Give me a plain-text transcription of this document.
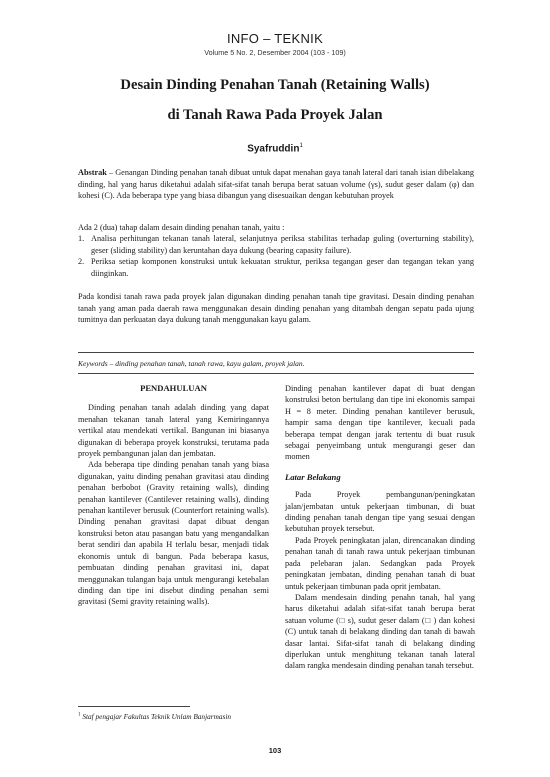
INFO – TEKNIK
Volume 5 No. 2, Desember 2004 (103 - 109)
Desain Dinding Penahan Tanah (Retaining Walls)
di Tanah Rawa Pada Proyek Jalan
Syafruddin$^1$
Abstrak – Genangan Dinding penahan tanah dibuat untuk dapat menahan gaya tanah lateral dari tanah isian dibelakang dinding, hal yang harus diketahui adalah sifat-sifat tanah berupa berat satuan volume (γs), sudut geser dalam (φ) dan kohesi (C). Ada beberapa type yang biasa dibangun yang disesuaikan dengan kebutuhan proyek
Ada 2 (dua) tahap dalam desain dinding penahan tanah, yaitu :
1. Analisa perhitungan tekanan tanah lateral, selanjutnya periksa stabilitas terhadap guling (overturning stability), geser (sliding stability) dan keruntahan daya dukung (bearing capasity failure).
2. Periksa setiap komponen konstruksi untuk kekuatan struktur, periksa tegangan geser dan tegangan tekan yang diinginkan.
Pada kondisi tanah rawa pada proyek jalan digunakan dinding penahan tanah tipe gravitasi. Desain dinding penahan tanah yang aman pada daerah rawa menggunakan desain dinding penahan yang ditambah dengan sepatu pada ujung tumitnya dan perkuatan daya dukung tanah menggunakan kayu galam.
Keywords – dinding penahan tanah, tanah rawa, kayu galam, proyek jalan.
PENDAHULUAN

Dinding penahan tanah adalah dinding yang dapat menahan tekanan tanah lateral yang Kemiringannya vertikal atau mendekati vertikal. Bangunan ini biasanya digunakan di beberapa proyek konstruksi, terutama pada proyek pembangunan jalan dan jembatan.

Ada beberapa tipe dinding penahan tanah yang biasa digunakan, yaitu dinding penahan gravitasi atau dinding penahan berbobot (Gravity retaining walls), dinding penahan kantilever (Cantilever retaining walls), dinding penahan kantilever berusuk (Counterfort retaining walls). Dinding penahan gravitasi dapat dibuat dengan konstruksi beton atau pasangan batu yang mengandalkan berat sendiri dan apabila H terlalu besar, menjadi tidak ekonomis untuk di bangun. Pada beberapa kasus, pembuatan dinding penahan gravitasi ini, dapat menggunakan tulangan baja untuk mengurangi ketebalan dinding dan tipe ini disebut dinding penahan semi gravitasi (Semi gravity retaining walls).

Dinding penahan kantilever dapat di buat dengan konstruksi beton bertulang dan tipe ini ekonomis sampai H = 8 meter. Dinding penahan kantilever berusuk, hampir sama dengan tipe kantilever, kecuali pada beberapa tempat dengan jarak tertentu di buat rusuk sebagai penyeimbang untuk mengurangi geser dan momen

Latar Belakang

Pada Proyek pembangunan/peningkatan jalan/jembatan untuk pekerjaan timbunan, di buat dinding penahan tanah dengan tipe yang sesuai dengan kebutuhan proyek tersebut.

Pada Proyek peningkatan jalan, direncanakan dinding penahan tanah di tanah rawa untuk pekerjaan timbunan pada pelebaran jalan. Sedangkan pada Proyek peningkatan jembatan, dinding penahan tanah di buat untuk pekerjaan timbunan pada oprit jembatan.

Dalam mendesain dinding penahn tanah, hal yang harus diketahui adalah sifat-sifat tanah berupa berat satuan volume (□ s), sudut geser dalam (□ ) dan kohesi (C) untuk tanah di belakang dinding dan tanah di bawah dasar lantai. Sifat-sifat tanah di belakang dinding diperlukan untuk menghitung tekanan tanah lateral dalam rangka mendesain dinding penahan tanah tersebut.

$^1$ Staf pengajar Fakultas Teknik Unlam Banjarmasin
103
